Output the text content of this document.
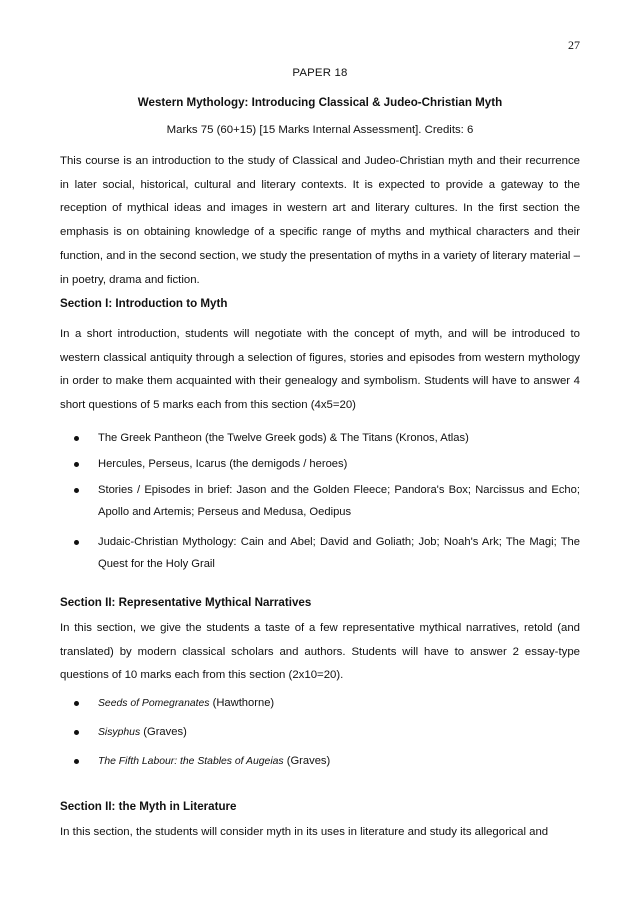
27
PAPER 18
Western Mythology: Introducing Classical & Judeo-Christian Myth
Marks 75 (60+15) [15 Marks Internal Assessment]. Credits: 6

This course is an introduction to the study of Classical and Judeo-Christian myth and their recurrence in later social, historical, cultural and literary contexts. It is expected to provide a gateway to the reception of mythical ideas and images in western art and literary cultures. In the first section the emphasis is on obtaining knowledge of a specific range of myths and mythical characters and their function, and in the second section, we study the presentation of myths in a variety of literary material – in poetry, drama and fiction.

Section I: Introduction to Myth

In a short introduction, students will negotiate with the concept of myth, and will be introduced to western classical antiquity through a selection of figures, stories and episodes from western mythology in order to make them acquainted with their genealogy and symbolism. Students will have to answer 4 short questions of 5 marks each from this section (4x5=20)

The Greek Pantheon (the Twelve Greek gods) & The Titans (Kronos, Atlas)
Hercules, Perseus, Icarus (the demigods / heroes)
Stories / Episodes in brief: Jason and the Golden Fleece; Pandora's Box; Narcissus and Echo; Apollo and Artemis; Perseus and Medusa, Oedipus
Judaic-Christian Mythology: Cain and Abel; David and Goliath; Job; Noah's Ark; The Magi; The Quest for the Holy Grail

Section II: Representative Mythical Narratives

In this section, we give the students a taste of a few representative mythical narratives, retold (and translated) by modern classical scholars and authors. Students will have to answer 2 essay-type questions of 10 marks each from this section (2x10=20).

Seeds of Pomegranates (Hawthorne)
Sisyphus (Graves)
The Fifth Labour: the Stables of Augeias (Graves)

Section II: the Myth in Literature

In this section, the students will consider myth in its uses in literature and study its allegorical and
